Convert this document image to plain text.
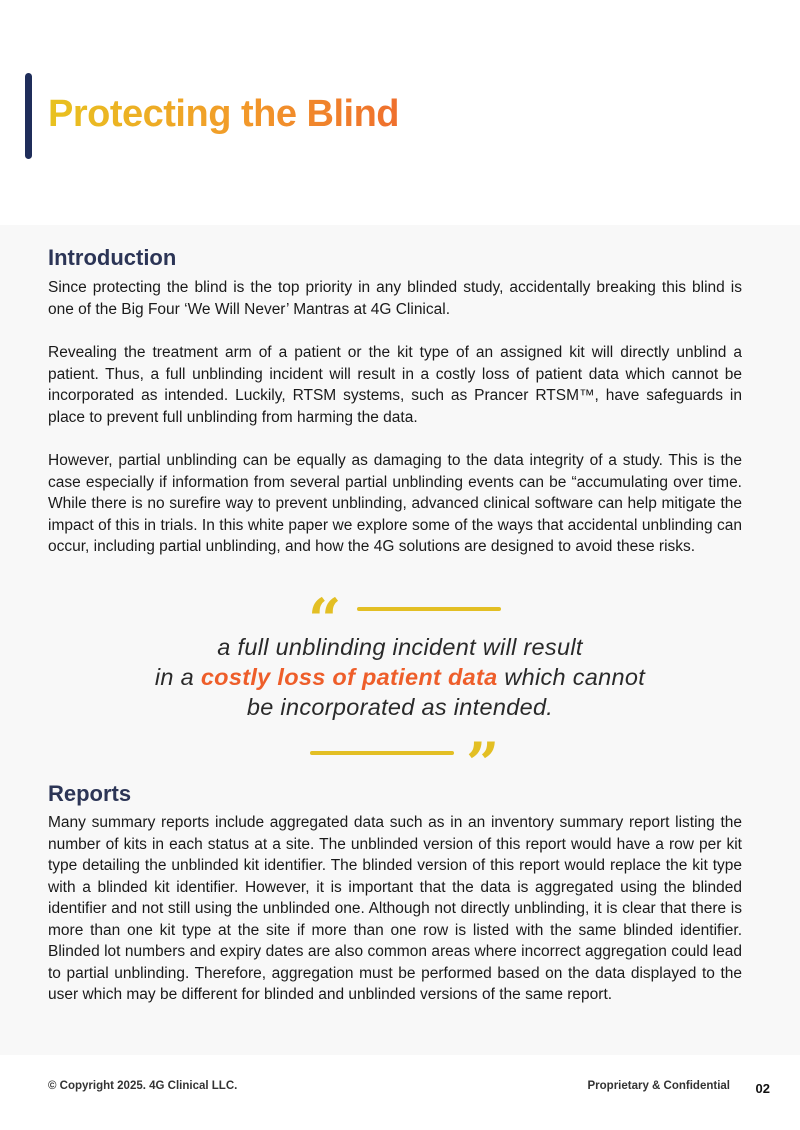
Protecting the Blind
Introduction

Since protecting the blind is the top priority in any blinded study, accidentally breaking this blind is one of the Big Four ‘We Will Never’ Mantras at 4G Clinical.

Revealing the treatment arm of a patient or the kit type of an assigned kit will directly unblind a patient. Thus, a full unblinding incident will result in a costly loss of patient data which cannot be incorporated as intended. Luckily, RTSM systems, such as Prancer RTSM™, have safeguards in place to prevent full unblinding from harming the data.

However, partial unblinding can be equally as damaging to the data integrity of a study. This is the case especially if information from several partial unblinding events can be “accumulating over time. While there is no surefire way to prevent unblinding, advanced clinical software can help mitigate the impact of this in trials. In this white paper we explore some of the ways that accidental unblinding can occur, including partial unblinding, and how the 4G solutions are designed to avoid these risks.

“

a full unblinding incident will result
in a costly loss of patient data which cannot
be incorporated as intended.

”
Reports

Many summary reports include aggregated data such as in an inventory summary report listing the number of kits in each status at a site. The unblinded version of this report would have a row per kit type detailing the unblinded kit identifier. The blinded version of this report would replace the kit type with a blinded kit identifier. However, it is important that the data is aggregated using the blinded identifier and not still using the unblinded one. Although not directly unblinding, it is clear that there is more than one kit type at the site if more than one row is listed with the same blinded identifier. Blinded lot numbers and expiry dates are also common areas where incorrect aggregation could lead to partial unblinding. Therefore, aggregation must be performed based on the data displayed to the user which may be different for blinded and unblinded versions of the same report.

© Copyright 2025. 4G Clinical LLC.	Proprietary & Confidential 02
